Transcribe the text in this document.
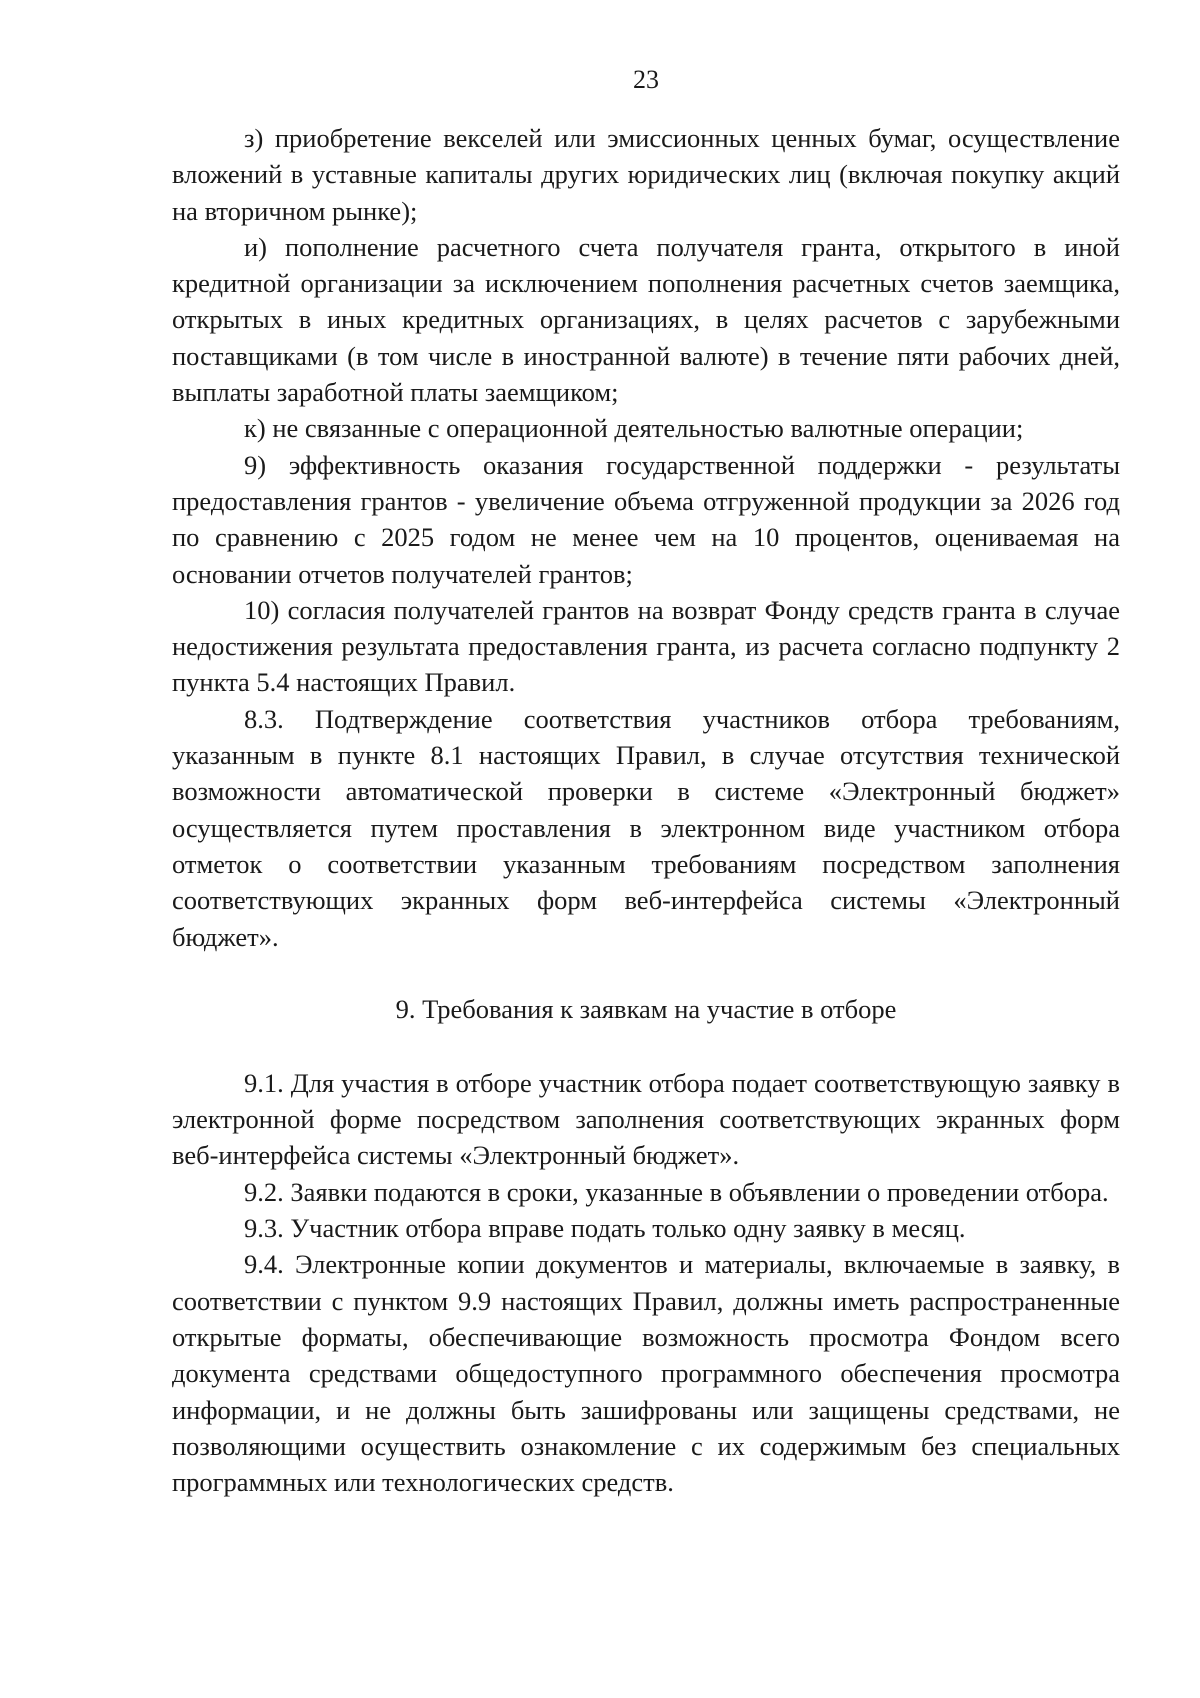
23

з) приобретение векселей или эмиссионных ценных бумаг, осуществление вложений в уставные капиталы других юридических лиц (включая покупку акций на вторичном рынке);

и) пополнение расчетного счета получателя гранта, открытого в иной кредитной организации за исключением пополнения расчетных счетов заемщика, открытых в иных кредитных организациях, в целях расчетов с зарубежными поставщиками (в том числе в иностранной валюте) в течение пяти рабочих дней, выплаты заработной платы заемщиком;

к) не связанные с операционной деятельностью валютные операции;

9) эффективность оказания государственной поддержки - результаты предоставления грантов - увеличение объема отгруженной продукции за 2026 год по сравнению с 2025 годом не менее чем на 10 процентов, оцениваемая на основании отчетов получателей грантов;

10) согласия получателей грантов на возврат Фонду средств гранта в случае недостижения результата предоставления гранта, из расчета согласно подпункту 2 пункта 5.4 настоящих Правил.

8.3. Подтверждение соответствия участников отбора требованиям, указанным в пункте 8.1 настоящих Правил, в случае отсутствия технической возможности автоматической проверки в системе «Электронный бюджет» осуществляется путем проставления в электронном виде участником отбора отметок о соответствии указанным требованиям посредством заполнения соответствующих экранных форм веб-интерфейса системы «Электронный бюджет».

9. Требования к заявкам на участие в отборе

9.1. Для участия в отборе участник отбора подает соответствующую заявку в электронной форме посредством заполнения соответствующих экранных форм веб-интерфейса системы «Электронный бюджет».

9.2. Заявки подаются в сроки, указанные в объявлении о проведении отбора.

9.3. Участник отбора вправе подать только одну заявку в месяц.

9.4. Электронные копии документов и материалы, включаемые в заявку, в соответствии с пунктом 9.9 настоящих Правил, должны иметь распространенные открытые форматы, обеспечивающие возможность просмотра Фондом всего документа средствами общедоступного программного обеспечения просмотра информации, и не должны быть зашифрованы или защищены средствами, не позволяющими осуществить ознакомление с их содержимым без специальных программных или технологических средств.
